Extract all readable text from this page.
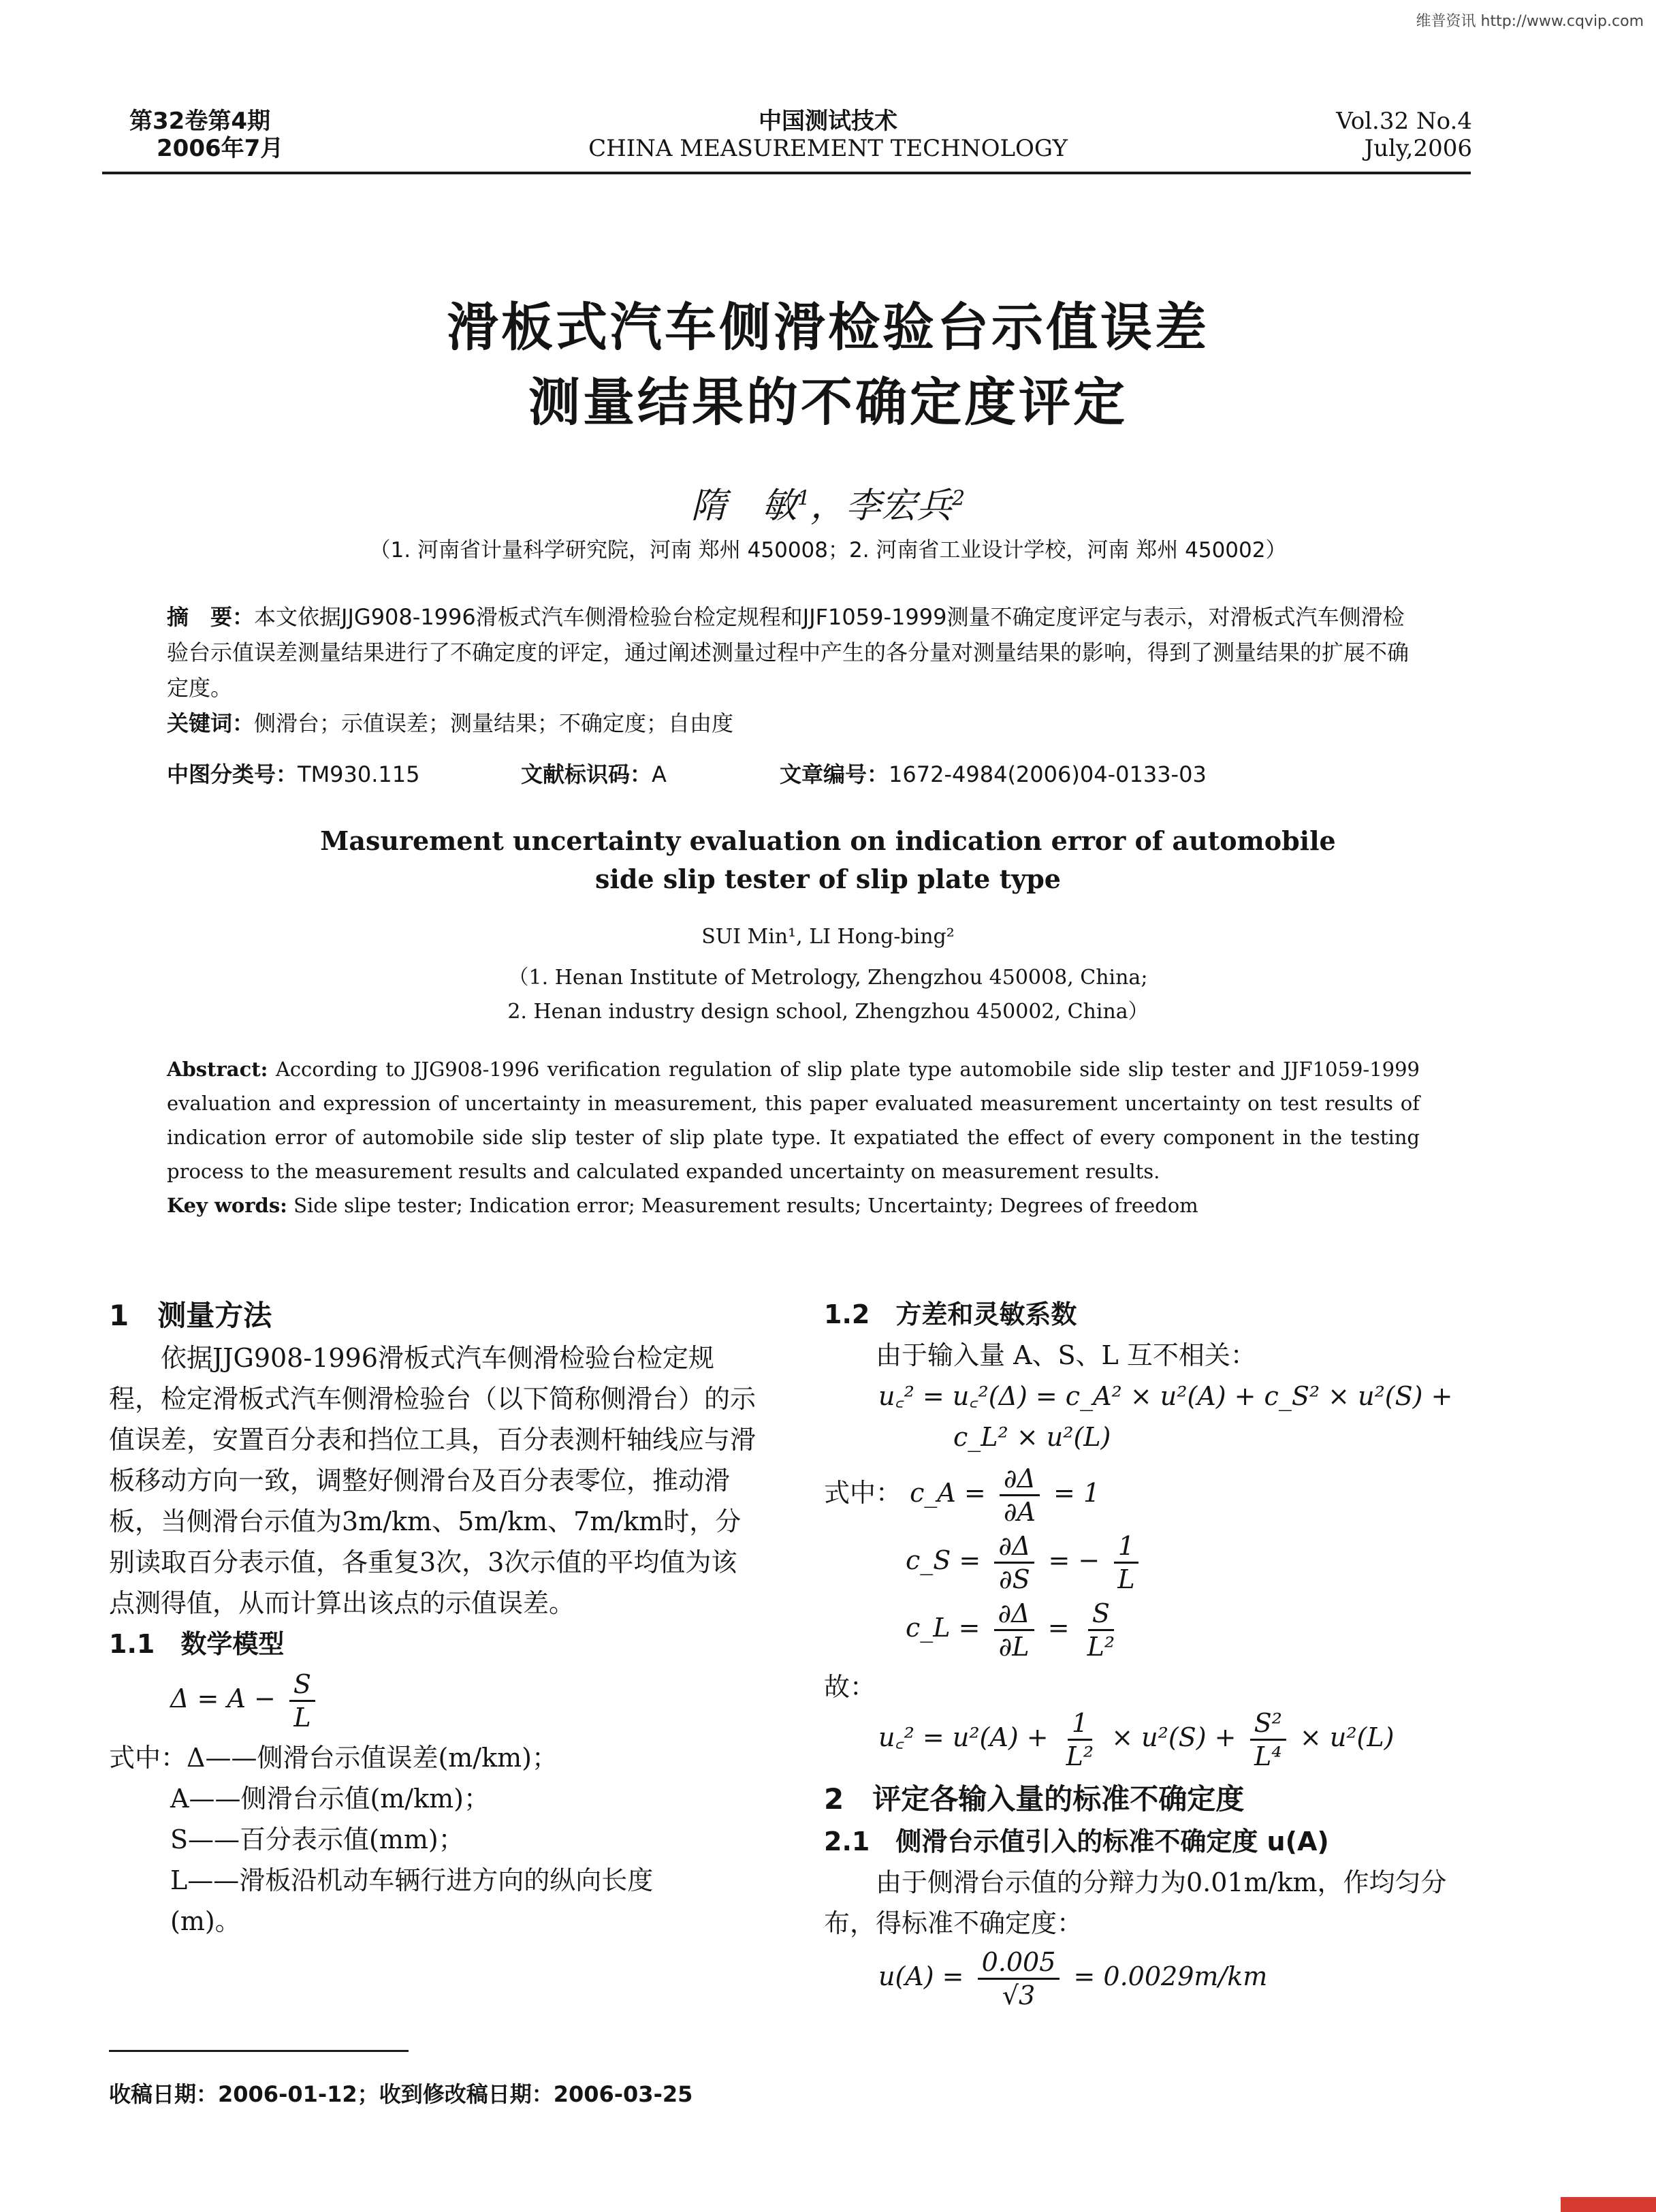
维普资讯 http://www.cqvip.com
第32卷第4期
2006年7月
中国测试技术
CHINA MEASUREMENT TECHNOLOGY
Vol.32 No.4
July,2006
滑板式汽车侧滑检验台示值误差
测量结果的不确定度评定
隋　敏$^1$，李宏兵$^2$
（1. 河南省计量科学研究院，河南 郑州 450008；2. 河南省工业设计学校，河南 郑州 450002）
摘　要：本文依据JJG908-1996滑板式汽车侧滑检验台检定规程和JJF1059-1999测量不确定度评定与表示，对滑板式汽车侧滑检验台示值误差测量结果进行了不确定度的评定，通过阐述测量过程中产生的各分量对测量结果的影响，得到了测量结果的扩展不确定度。
关键词：侧滑台；示值误差；测量结果；不确定度；自由度
中图分类号：TM930.115	文献标识码：A	文章编号：1672-4984(2006)04-0133-03
Masurement uncertainty evaluation on indication error of automobile
side slip tester of slip plate type
SUI Min¹, LI Hong-bing²
（1. Henan Institute of Metrology, Zhengzhou 450008, China;
2. Henan industry design school, Zhengzhou 450002, China）
Abstract: According to JJG908-1996 verification regulation of slip plate type automobile side slip tester and JJF1059-1999 evaluation and expression of uncertainty in measurement, this paper evaluated measurement uncertainty on test results of indication error of automobile side slip tester of slip plate type. It expatiated the effect of every component in the testing process to the measurement results and calculated expanded uncertainty on measurement results.
Key words: Side slipe tester; Indication error; Measurement results; Uncertainty; Degrees of freedom
1　测量方法

依据JJG908-1996滑板式汽车侧滑检验台检定规程，检定滑板式汽车侧滑检验台（以下简称侧滑台）的示值误差，安置百分表和挡位工具，百分表测杆轴线应与滑板移动方向一致，调整好侧滑台及百分表零位，推动滑板，当侧滑台示值为3m/km、5m/km、7m/km时，分别读取百分表示值，各重复3次，3次示值的平均值为该点测得值，从而计算出该点的示值误差。

1.1　数学模型
$\Delta = A - \frac{S}{L}$

式中：Δ——侧滑台示值误差(m/km)；

A——侧滑台示值(m/km)；

S——百分表示值(mm)；

L——滑板沿机动车辆行进方向的纵向长度

(m)。

1.2　方差和灵敏系数

由于输入量 A、S、L 互不相关：

u꜀² = u꜀²(Δ) = c_A² × u²(A) + c_S² × u²(S) +
c_L² × u²(L)
式中： c_A = $\frac{\partial\Delta}{\partial A} = 1$
c_S = $\frac{\partial\Delta}{\partial S}$ = − $\frac{1}{L}$
c_L = $\frac{\partial\Delta}{\partial L} = \frac{S}{\text{L²}}$

故：

u꜀² = $u^2(A) + \frac{1}{\text{L²}} \times u^2(S) + \frac{\text{S²}}{\text{L⁴}} \times u^2(L)$
2　评定各输入量的标准不确定度
2.1　侧滑台示值引入的标准不确定度 u(A)

由于侧滑台示值的分辩力为0.01m/km，作均匀分布，得标准不确定度：

$u(A) = \frac{0.005}{√3} = 0.0029m/km$
收稿日期：2006-01-12；收到修改稿日期：2006-03-25
